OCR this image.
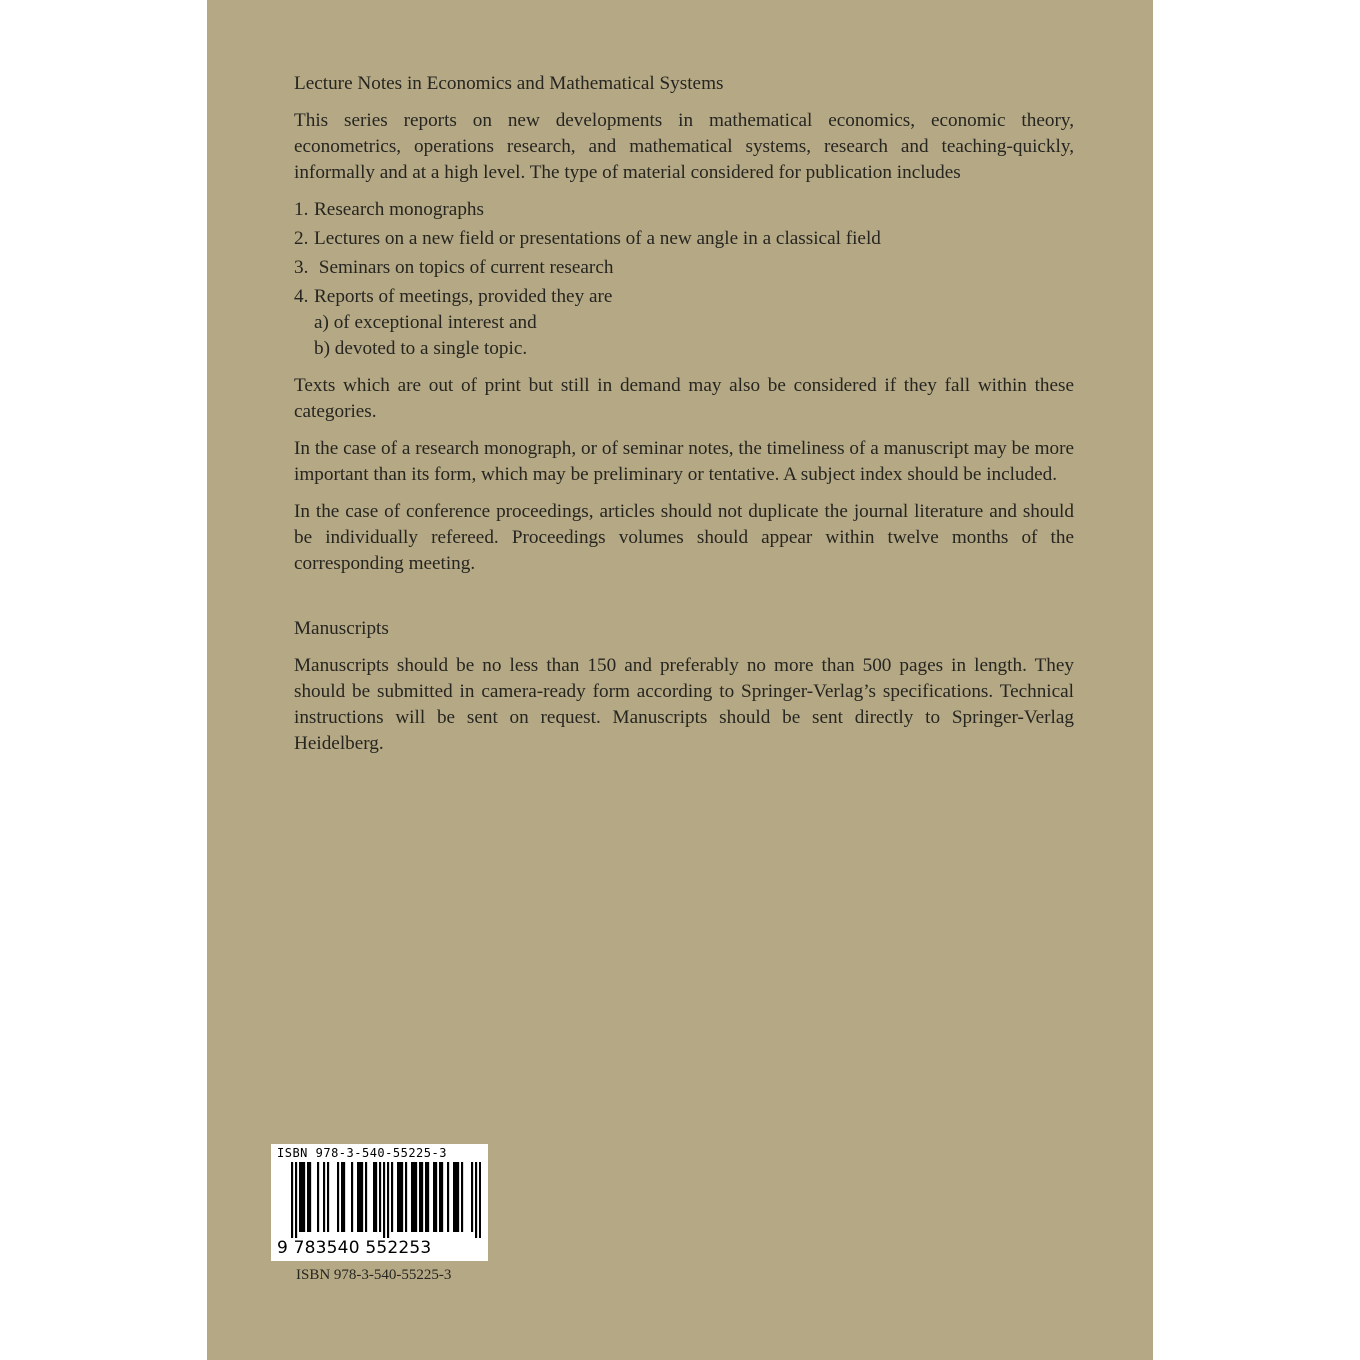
Lecture Notes in Economics and Mathematical Systems
This series reports on new developments in mathematical economics, economic theory, econometrics, operations research, and mathematical systems, research and teaching-quickly, informally and at a high level. The type of material considered for publication includes
1. Research monographs
2. Lectures on a new field or presentations of a new angle in a classical field
3. Seminars on topics of current research
4. Reports of meetings, provided they are
a) of exceptional interest and
b) devoted to a single topic.
Texts which are out of print but still in demand may also be considered if they fall within these categories.
In the case of a research monograph, or of seminar notes, the timeliness of a manuscript may be more important than its form, which may be preliminary or tentative. A subject index should be included.
In the case of conference proceedings, articles should not duplicate the journal literature and should be individually refereed. Proceedings volumes should appear within twelve months of the corresponding meeting.
Manuscripts
Manuscripts should be no less than 150 and preferably no more than 500 pages in length. They should be submitted in camera-ready form according to Springer-Verlag’s specifications. Technical instructions will be sent on request. Manuscripts should be sent directly to Springer-Verlag Heidelberg.
ISBN 978-3-540-55225-3
9 783540 552253
ISBN 978-3-540-55225-3
